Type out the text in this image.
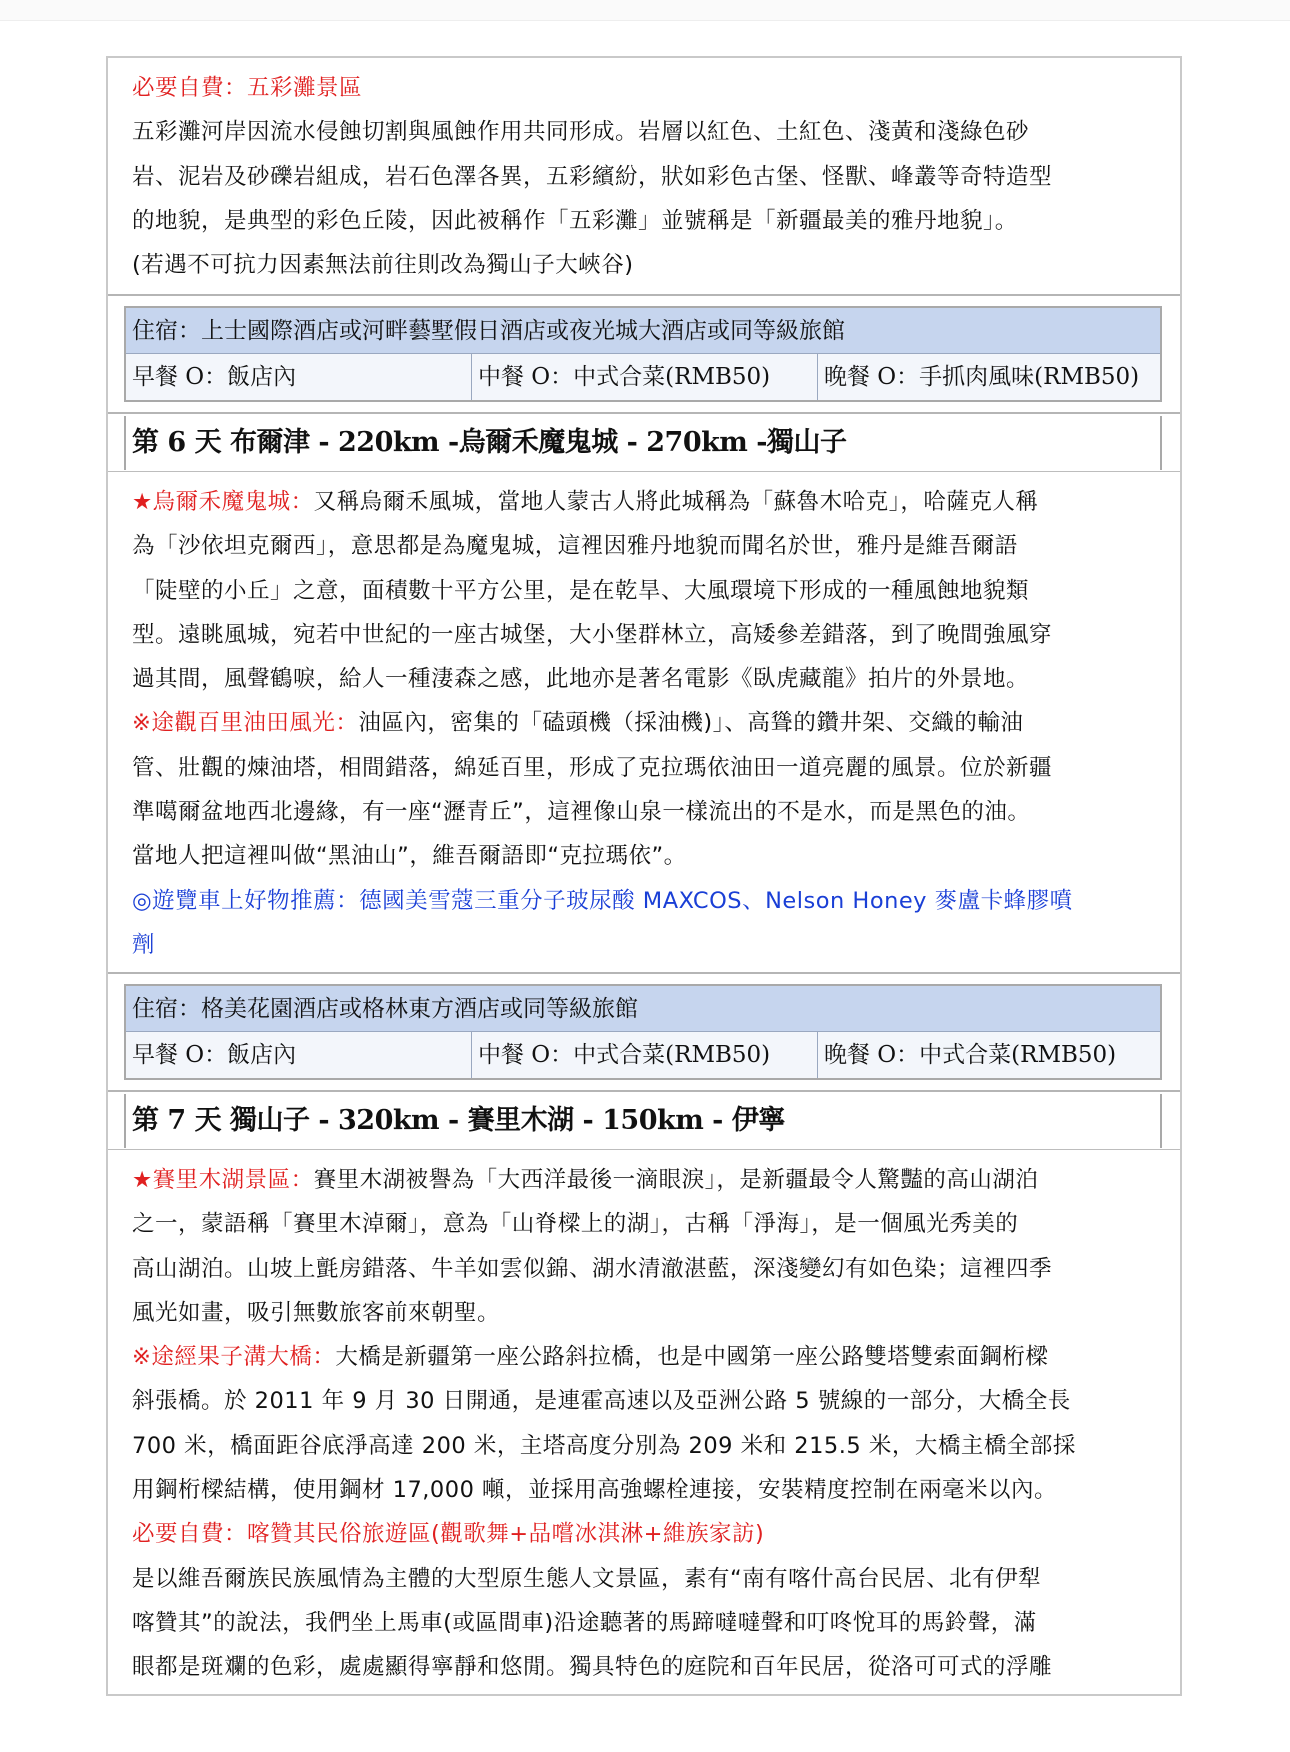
必要自費：五彩灘景區

五彩灘河岸因流水侵蝕切割與風蝕作用共同形成。岩層以紅色、土紅色、淺黃和淺綠色砂

岩、泥岩及砂礫岩組成，岩石色澤各異，五彩繽紛，狀如彩色古堡、怪獸、峰叢等奇特造型

的地貌，是典型的彩色丘陵，因此被稱作「五彩灘」並號稱是「新疆最美的雅丹地貌」。

(若遇不可抗力因素無法前往則改為獨山子大峽谷)

住宿：上士國際酒店或河畔藝墅假日酒店或夜光城大酒店或同等級旅館
早餐 O：飯店內	中餐 O：中式合菜(RMB50)	晚餐 O：手抓肉風味(RMB50)
第 6 天 布爾津 - 220km -烏爾禾魔鬼城 - 270km -獨山子

★烏爾禾魔鬼城：又稱烏爾禾風城，當地人蒙古人將此城稱為「蘇魯木哈克」，哈薩克人稱

為「沙依坦克爾西」，意思都是為魔鬼城，這裡因雅丹地貌而聞名於世，雅丹是維吾爾語

「陡壁的小丘」之意，面積數十平方公里，是在乾旱、大風環境下形成的一種風蝕地貌類

型。遠眺風城，宛若中世紀的一座古城堡，大小堡群林立，高矮參差錯落，到了晚間強風穿

過其間，風聲鶴唳，給人一種淒森之感，此地亦是著名電影《臥虎藏龍》拍片的外景地。

※途觀百里油田風光：油區內，密集的「磕頭機（採油機)」、高聳的鑽井架、交織的輸油

管、壯觀的煉油塔，相間錯落，綿延百里，形成了克拉瑪依油田一道亮麗的風景。位於新疆

準噶爾盆地西北邊緣，有一座“瀝青丘”，這裡像山泉一樣流出的不是水，而是黑色的油。

當地人把這裡叫做“黑油山”，維吾爾語即“克拉瑪依”。

◎遊覽車上好物推薦：德國美雪蔻三重分子玻尿酸 MAXCOS、Nelson Honey 麥盧卡蜂膠噴

劑

住宿：格美花園酒店或格林東方酒店或同等級旅館
早餐 O：飯店內	中餐 O：中式合菜(RMB50)	晚餐 O：中式合菜(RMB50)
第 7 天 獨山子 - 320km - 賽里木湖 - 150km - 伊寧

★賽里木湖景區：賽里木湖被譽為「大西洋最後一滴眼淚」，是新疆最令人驚豔的高山湖泊

之一，蒙語稱「賽里木淖爾」，意為「山脊樑上的湖」，古稱「淨海」，是一個風光秀美的

高山湖泊。山坡上氈房錯落、牛羊如雲似錦、湖水清澈湛藍，深淺變幻有如色染；這裡四季

風光如畫，吸引無數旅客前來朝聖。

※途經果子溝大橋：大橋是新疆第一座公路斜拉橋，也是中國第一座公路雙塔雙索面鋼桁樑

斜張橋。於 2011 年 9 月 30 日開通，是連霍高速以及亞洲公路 5 號線的一部分，大橋全長

700 米，橋面距谷底淨高達 200 米，主塔高度分別為 209 米和 215.5 米，大橋主橋全部採

用鋼桁樑結構，使用鋼材 17,000 噸，並採用高強螺栓連接，安裝精度控制在兩毫米以內。

必要自費：喀贊其民俗旅遊區(觀歌舞+品嚐冰淇淋+維族家訪)

是以維吾爾族民族風情為主體的大型原生態人文景區，素有“南有喀什高台民居、北有伊犁

喀贊其”的說法，我們坐上馬車(或區間車)沿途聽著的馬蹄噠噠聲和叮咚悅耳的馬鈴聲，滿

眼都是斑斕的色彩，處處顯得寧靜和悠閒。獨具特色的庭院和百年民居，從洛可可式的浮雕
